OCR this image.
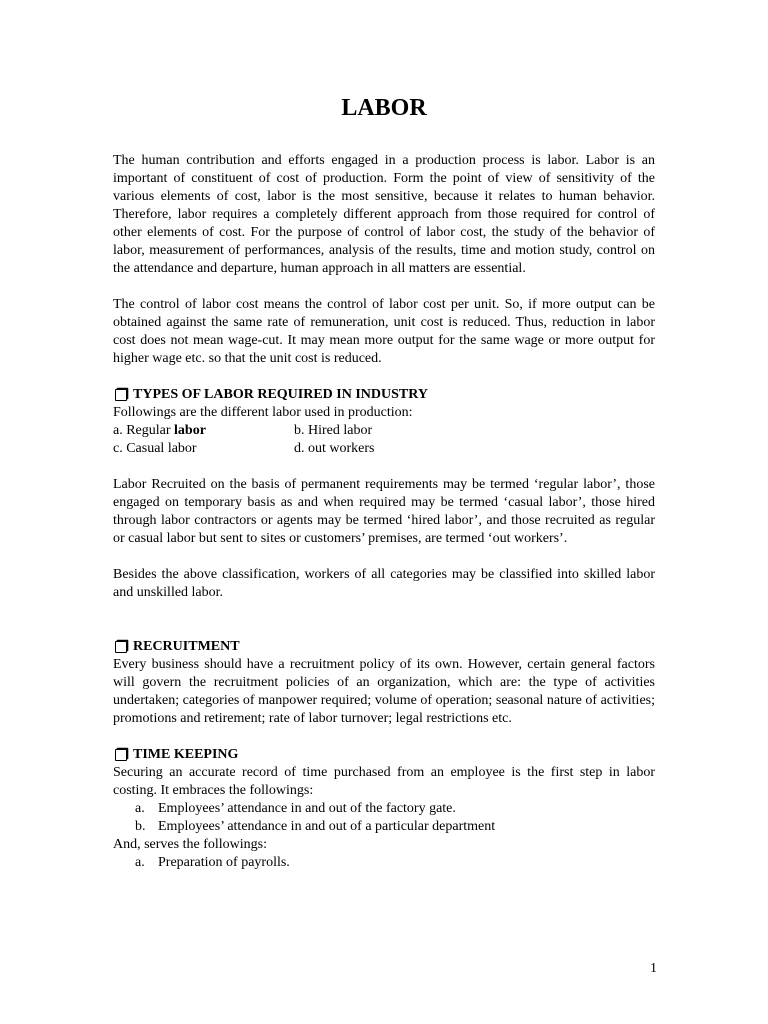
LABOR

The human contribution and efforts engaged in a production process is labor. Labor is an important of constituent of cost of production. Form the point of view of sensitivity of the various elements of cost, labor is the most sensitive, because it relates to human behavior. Therefore, labor requires a completely different approach from those required for control of other elements of cost. For the purpose of control of labor cost, the study of the behavior of labor, measurement of performances, analysis of the results, time and motion study, control on the attendance and departure, human approach in all matters are essential.

The control of labor cost means the control of labor cost per unit. So, if more output can be obtained against the same rate of remuneration, unit cost is reduced. Thus, reduction in labor cost does not mean wage-cut. It may mean more output for the same wage or more output for higher wage etc. so that the unit cost is reduced.

TYPES OF LABOR REQUIRED IN INDUSTRY

Followings are the different labor used in production:

a. Regular labor	b. Hired labor
c. Casual labor	d. out workers

Labor Recruited on the basis of permanent requirements may be termed ‘regular labor’, those engaged on temporary basis as and when required may be termed ‘casual labor’, those hired through labor contractors or agents may be termed ‘hired labor’, and those recruited as regular or casual labor but sent to sites or customers’ premises, are termed ‘out workers’.

Besides the above classification, workers of all categories may be classified into skilled labor and unskilled labor.

RECRUITMENT

Every business should have a recruitment policy of its own. However, certain general factors will govern the recruitment policies of an organization, which are: the type of activities undertaken; categories of manpower required; volume of operation; seasonal nature of activities; promotions and retirement; rate of labor turnover; legal restrictions etc.

TIME KEEPING

Securing an accurate record of time purchased from an employee is the first step in labor costing. It embraces the followings:

a. Employees’ attendance in and out of the factory gate.
b. Employees’ attendance in and out of a particular department

And, serves the followings:

a. Preparation of payrolls.
1
